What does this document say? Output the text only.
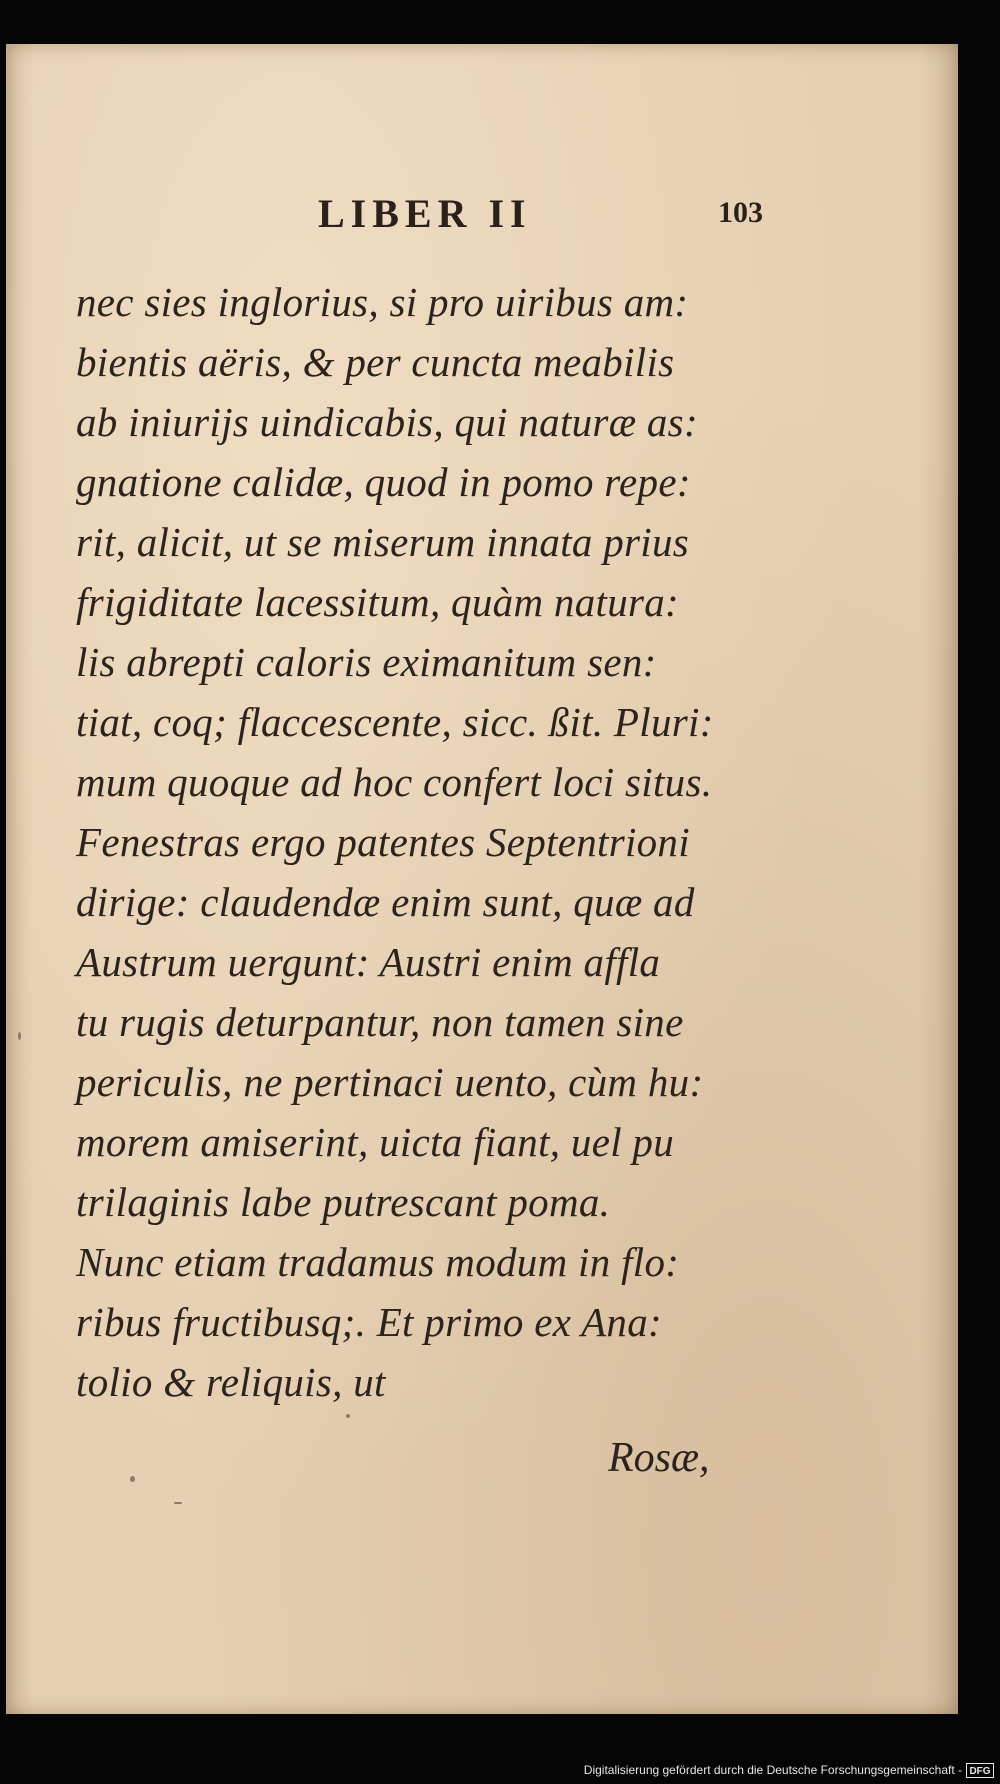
LIBER II	103
nec sies inglorius, si pro uiribus am:
bientis aëris, & per cuncta meabilis
ab iniurijs uindicabis, qui naturæ as:
gnatione calidæ, quod in pomo repe:
rit, alicit, ut se miserum innata prius
frigiditate lacessitum, quàm natura:
lis abrepti caloris eximanitum sen:
tiat, coq; flaccescente, sicc. ßit. Pluri:
mum quoque ad hoc confert loci situs.
Fenestras ergo patentes Septentrioni
dirige: claudendæ enim sunt, quæ ad
Austrum uergunt: Austri enim affla
tu rugis deturpantur, non tamen sine
periculis, ne pertinaci uento, cùm hu:
morem amiserint, uicta fiant, uel pu
trilaginis labe putrescant poma.
Nunc etiam tradamus modum in flo:
ribus fructibusq;. Et primo ex Ana:
tolio & reliquis, ut
Rosæ,
Digitalisierung gefördert durch die Deutsche Forschungsgemeinschaft - DFG
